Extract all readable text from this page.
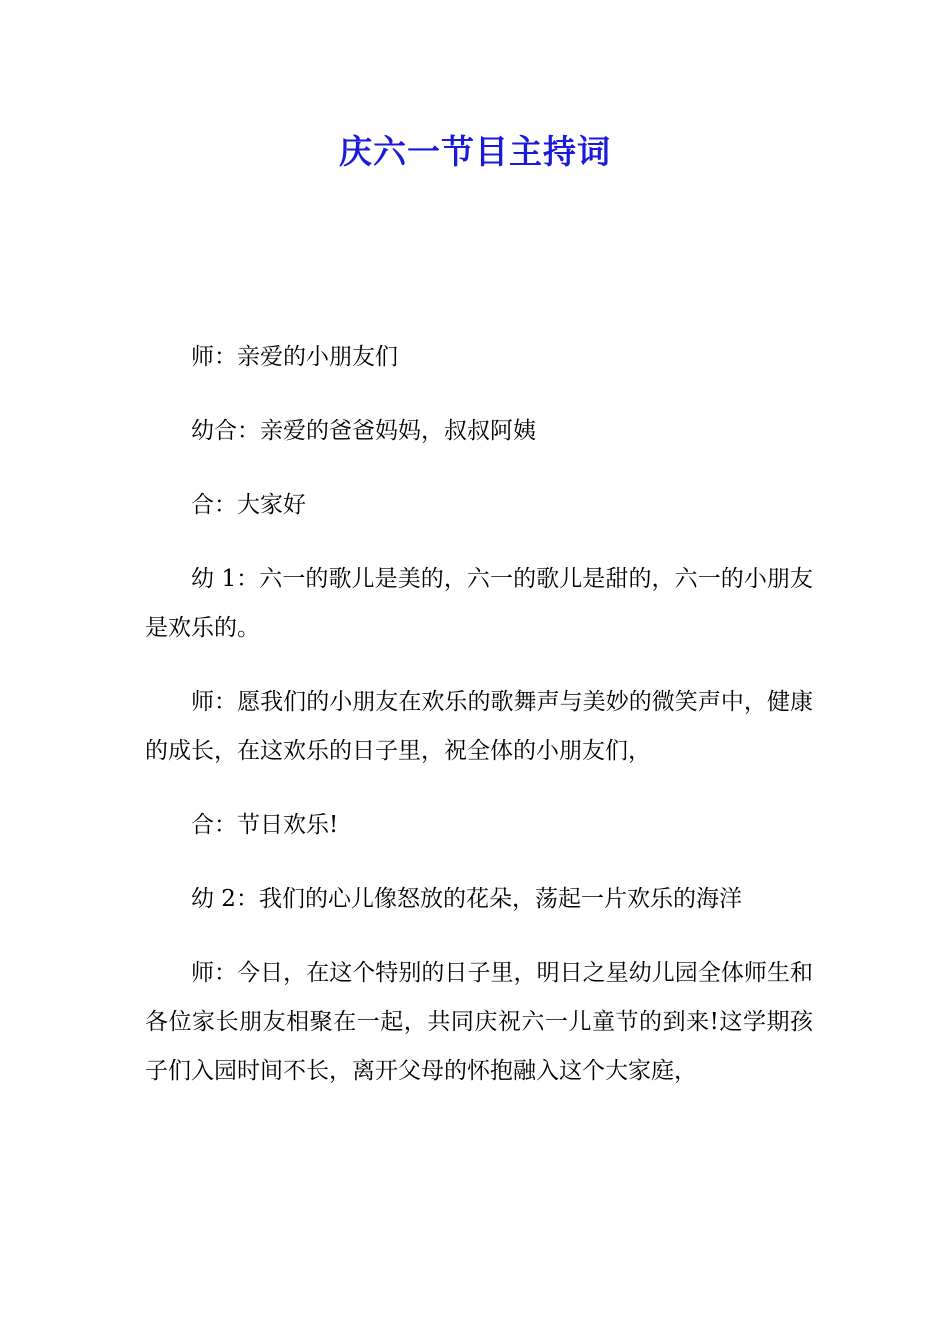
庆六一节目主持词

师：亲爱的小朋友们

幼合：亲爱的爸爸妈妈，叔叔阿姨

合：大家好

幼 1：六一的歌儿是美的，六一的歌儿是甜的，六一的小朋友是欢乐的。

师：愿我们的小朋友在欢乐的歌舞声与美妙的微笑声中，健康的成长，在这欢乐的日子里，祝全体的小朋友们，

合：节日欢乐!

幼 2：我们的心儿像怒放的花朵，荡起一片欢乐的海洋

师：今日，在这个特别的日子里，明日之星幼儿园全体师生和各位家长朋友相聚在一起，共同庆祝六一儿童节的到来!这学期孩子们入园时间不长，离开父母的怀抱融入这个大家庭，
